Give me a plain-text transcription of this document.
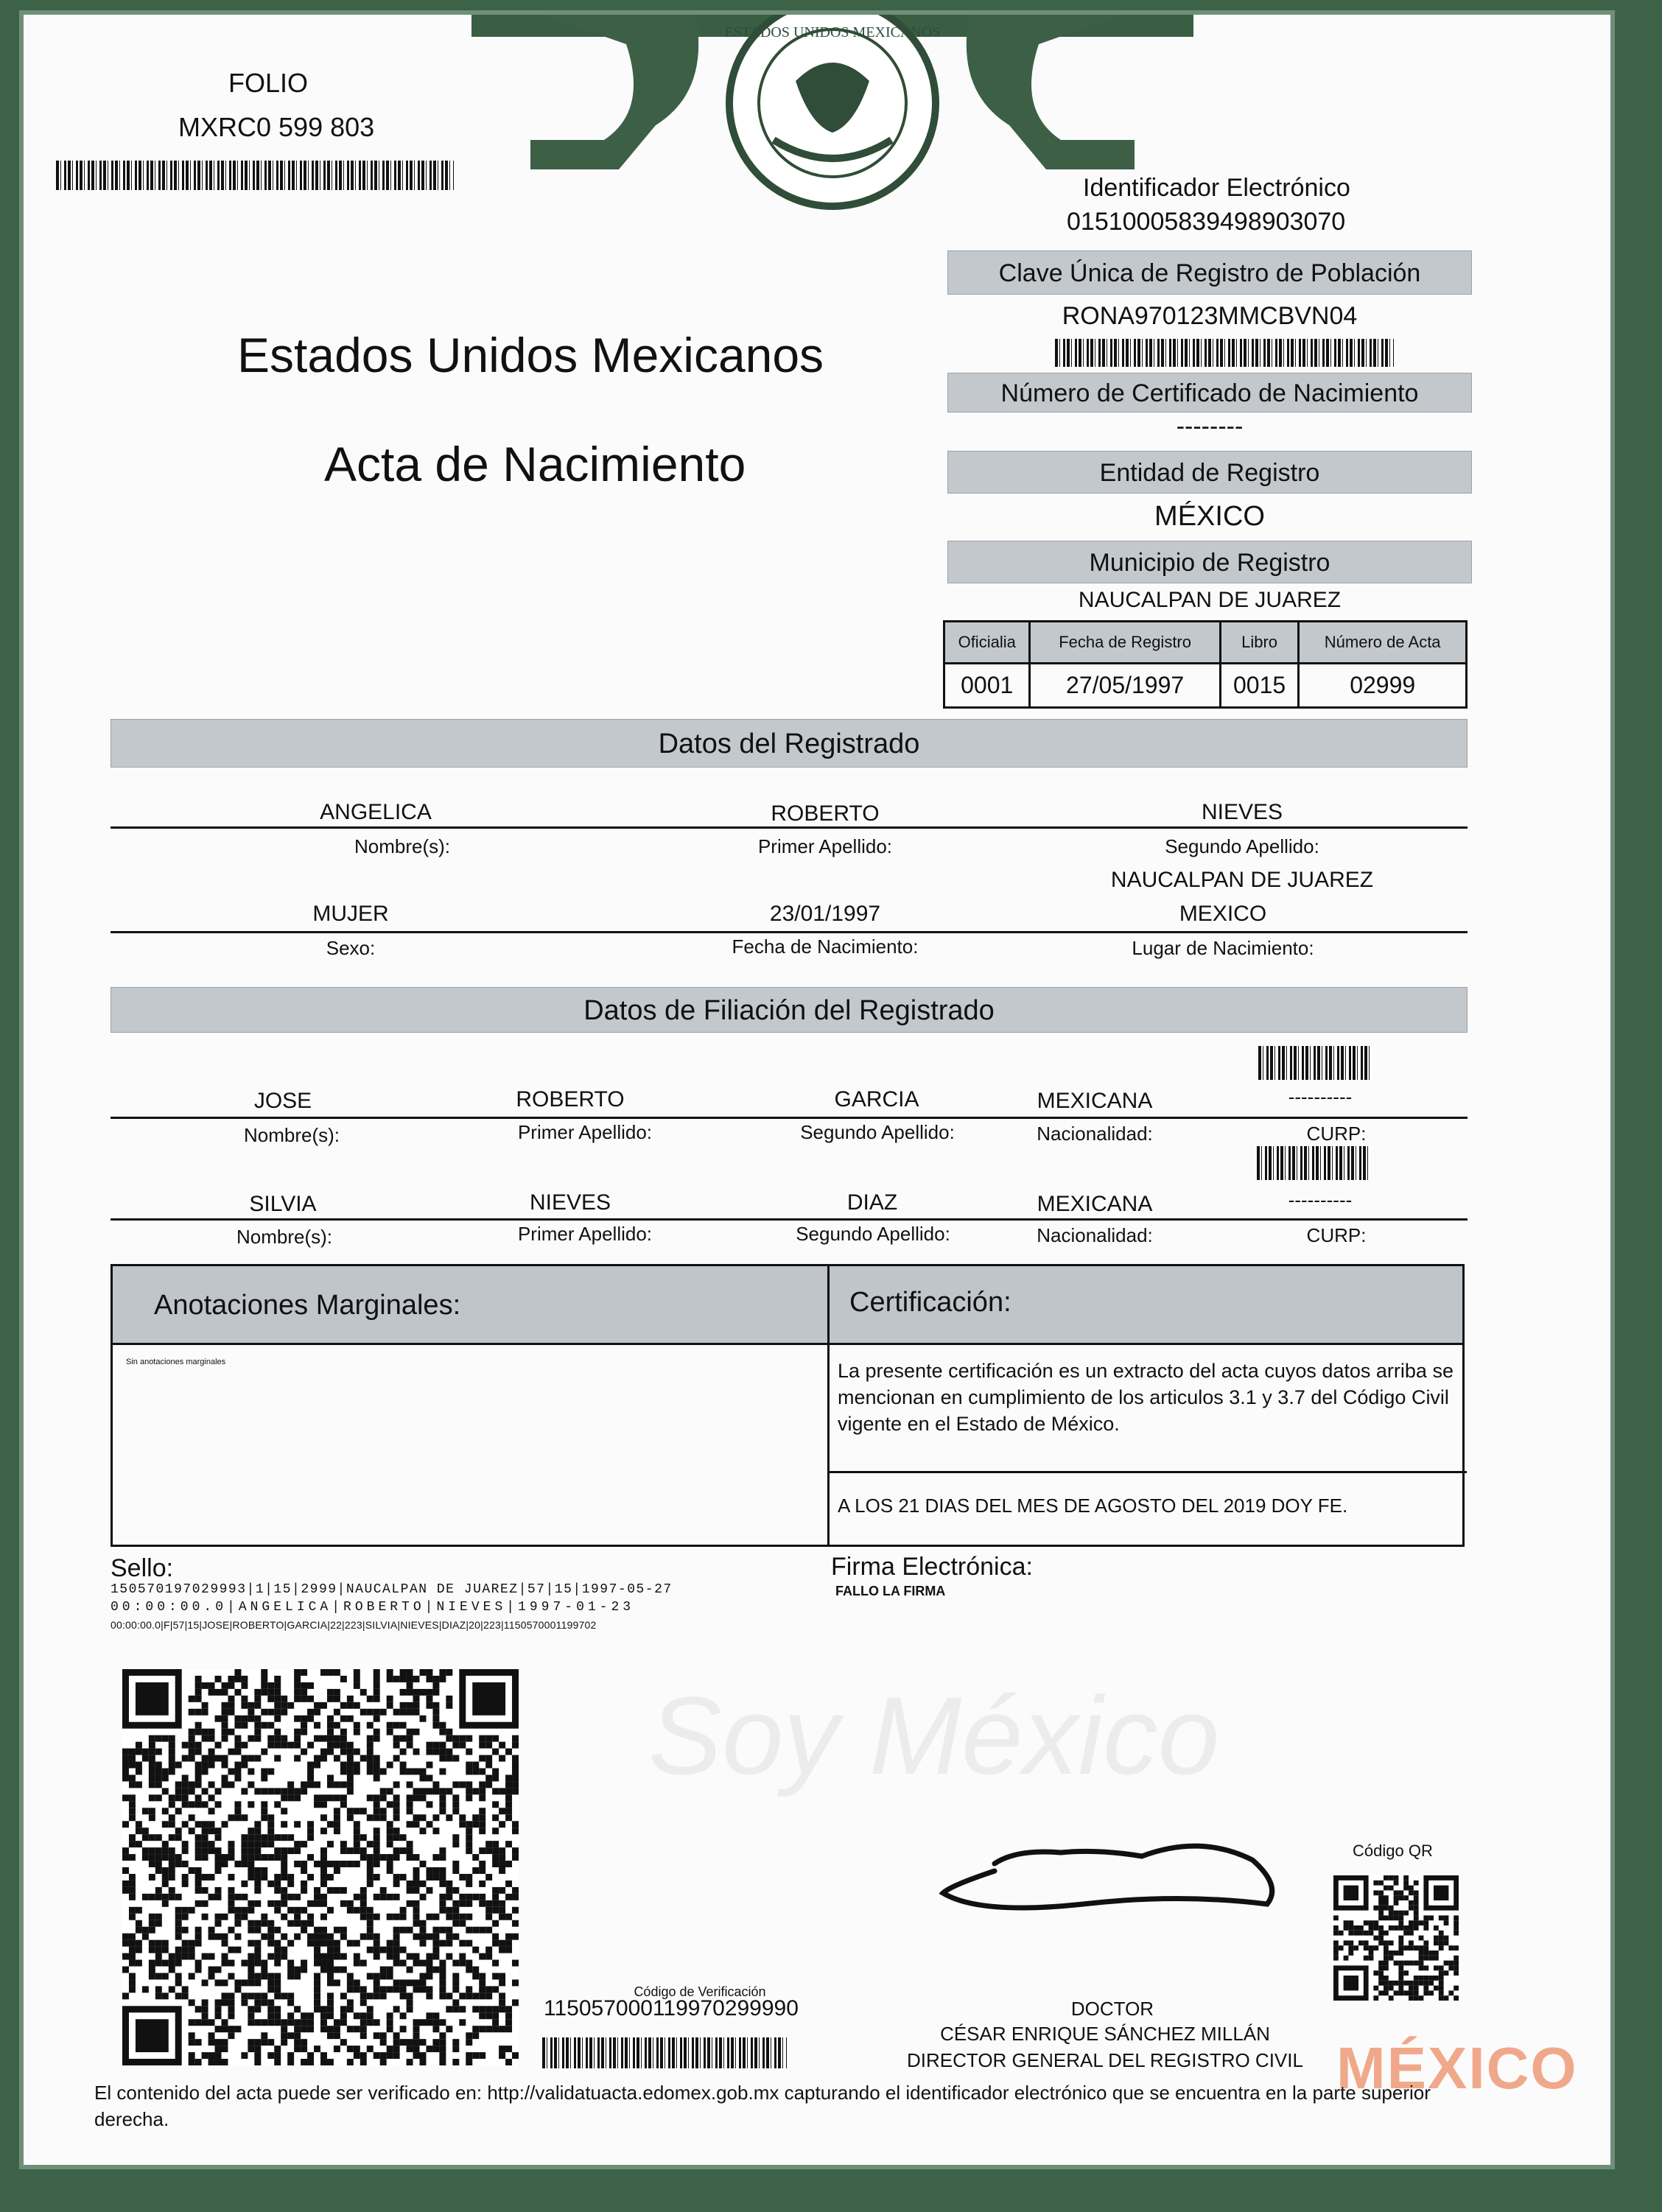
ESTADOS UNIDOS MEXICANOS
FOLIO
MXRC0 599 803
Identificador Electrónico
01510005839498903070
Clave Única de Registro de Población
RONA970123MMCBVN04
Número de Certificado de Nacimiento
--------
Entidad de Registro
MÉXICO
Municipio de Registro
NAUCALPAN DE JUAREZ
Estados Unidos Mexicanos
Acta de Nacimiento
Oficialia	Fecha de Registro	Libro	Número de Acta
0001	27/05/1997	0015	02999
Datos del Registrado
ANGELICA	ROBERTO	NIEVES
Nombre(s):	Primer Apellido:	Segundo Apellido:
NAUCALPAN DE JUAREZ
MUJER	23/01/1997	MEXICO
Sexo:	Fecha de Nacimiento:	Lugar de Nacimiento:
Datos de Filiación del Registrado
JOSE	ROBERTO	GARCIA	MEXICANA	----------
Nombre(s):	Primer Apellido:	Segundo Apellido:	Nacionalidad:	CURP:
SILVIA	NIEVES	DIAZ	MEXICANA	----------
Nombre(s):	Primer Apellido:	Segundo Apellido:	Nacionalidad:	CURP:
Anotaciones Marginales:	Certificación:
Sin anotaciones marginales	La presente certificación es un extracto del acta cuyos datos arriba se mencionan en cumplimiento de los articulos 3.1 y 3.7 del Código Civil vigente en el Estado de México.
A LOS 21 DIAS DEL MES DE AGOSTO DEL 2019 DOY FE.
Sello:
150570197029993|1|15|2999|NAUCALPAN DE JUAREZ|57|15|1997-05-27
00:00:00.0|ANGELICA|ROBERTO|NIEVES|1997-01-23
00:00:00.0|F|57|15|JOSE|ROBERTO|GARCIA|22|223|SILVIA|NIEVES|DIAZ|20|223|1150570001199702
Firma Electrónica:
FALLO LA FIRMA
Soy México
Código de Verificación
115057000119970299990
Código QR
DOCTOR
CÉSAR ENRIQUE SÁNCHEZ MILLÁN
DIRECTOR GENERAL DEL REGISTRO CIVIL MÉXICO
El contenido del acta puede ser verificado en: http://validatuacta.edomex.gob.mx capturando el identificador electrónico que se encuentra en la parte superior
derecha.
